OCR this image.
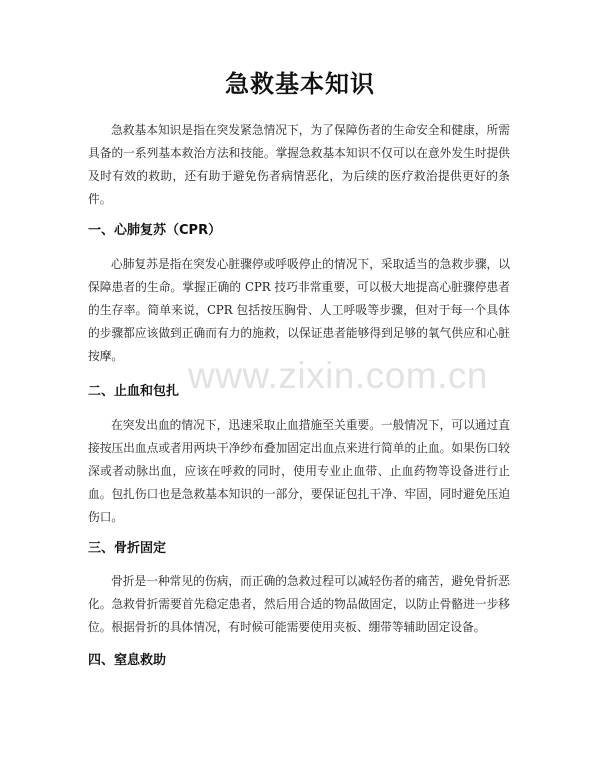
www.zixin.com.cn
急救基本知识

急救基本知识是指在突发紧急情况下，为了保障伤者的生命安全和健康，所需具备的一系列基本救治方法和技能。掌握急救基本知识不仅可以在意外发生时提供及时有效的救助，还有助于避免伤者病情恶化，为后续的医疗救治提供更好的条件。

一、心肺复苏（CPR）

心肺复苏是指在突发心脏骤停或呼吸停止的情况下，采取适当的急救步骤，以保障患者的生命。掌握正确的 CPR 技巧非常重要，可以极大地提高心脏骤停患者的生存率。简单来说，CPR 包括按压胸骨、人工呼吸等步骤，但对于每一个具体的步骤都应该做到正确而有力的施救，以保证患者能够得到足够的氧气供应和心脏按摩。

二、止血和包扎

在突发出血的情况下，迅速采取止血措施至关重要。一般情况下，可以通过直接按压出血点或者用两块干净纱布叠加固定出血点来进行简单的止血。如果伤口较深或者动脉出血，应该在呼救的同时，使用专业止血带、止血药物等设备进行止血。包扎伤口也是急救基本知识的一部分，要保证包扎干净、牢固，同时避免压迫伤口。

三、骨折固定

骨折是一种常见的伤病，而正确的急救过程可以减轻伤者的痛苦，避免骨折恶化。急救骨折需要首先稳定患者，然后用合适的物品做固定，以防止骨骼进一步移位。根据骨折的具体情况，有时候可能需要使用夹板、绷带等辅助固定设备。

四、窒息救助
